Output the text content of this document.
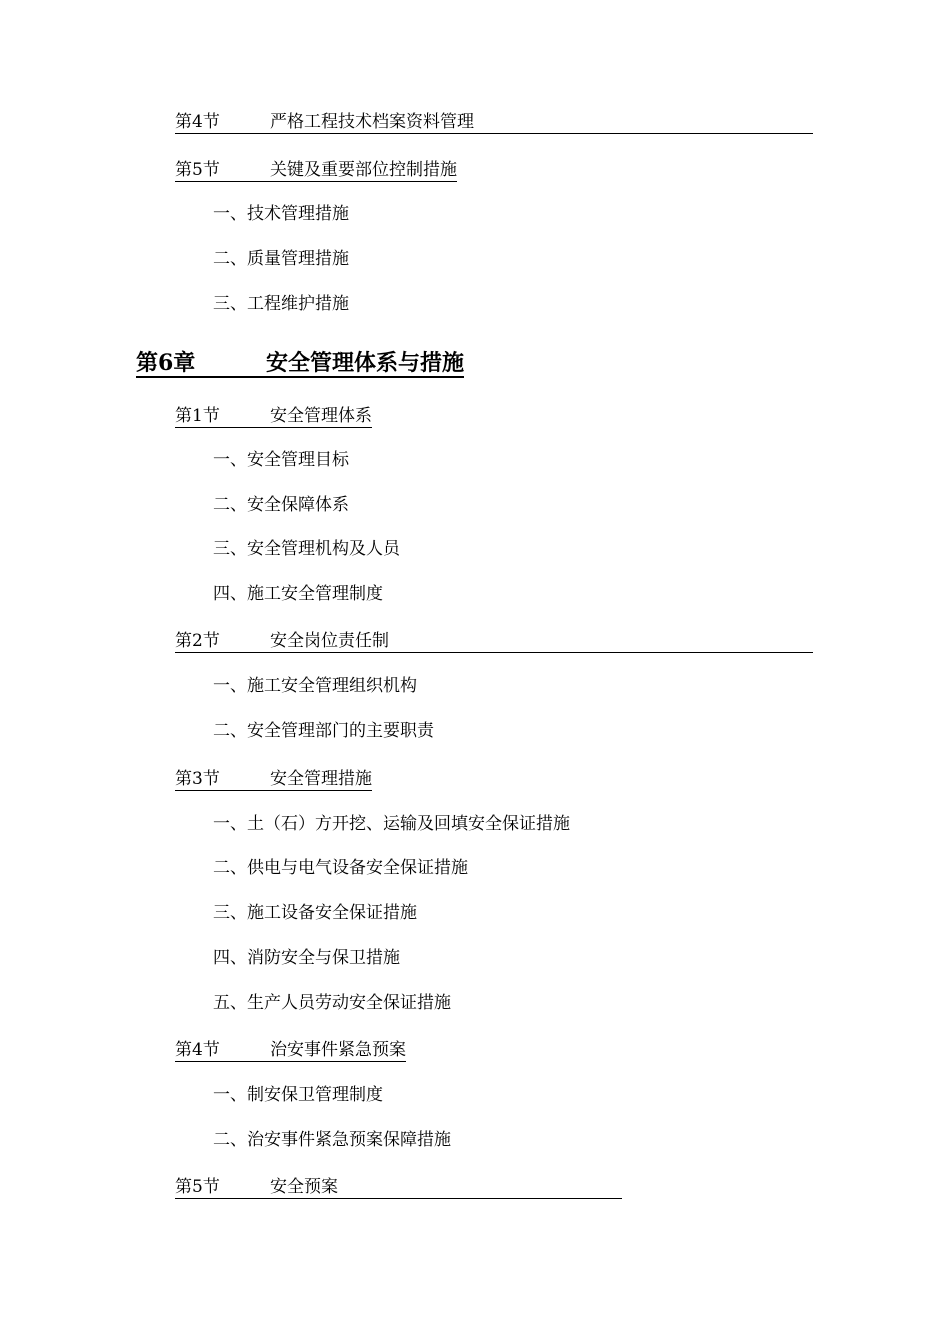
第4节	严格工程技术档案资料管理
第5节	关键及重要部位控制措施
一、技术管理措施
二、质量管理措施
三、工程维护措施
第6章	安全管理体系与措施
第1节	安全管理体系
一、安全管理目标
二、安全保障体系
三、安全管理机构及人员
四、施工安全管理制度
第2节	安全岗位责任制
一、施工安全管理组织机构
二、安全管理部门的主要职责
第3节	安全管理措施
一、土（石）方开挖、运输及回填安全保证措施
二、供电与电气设备安全保证措施
三、施工设备安全保证措施
四、消防安全与保卫措施
五、生产人员劳动安全保证措施
第4节	治安事件紧急预案
一、制安保卫管理制度
二、治安事件紧急预案保障措施
第5节	安全预案
